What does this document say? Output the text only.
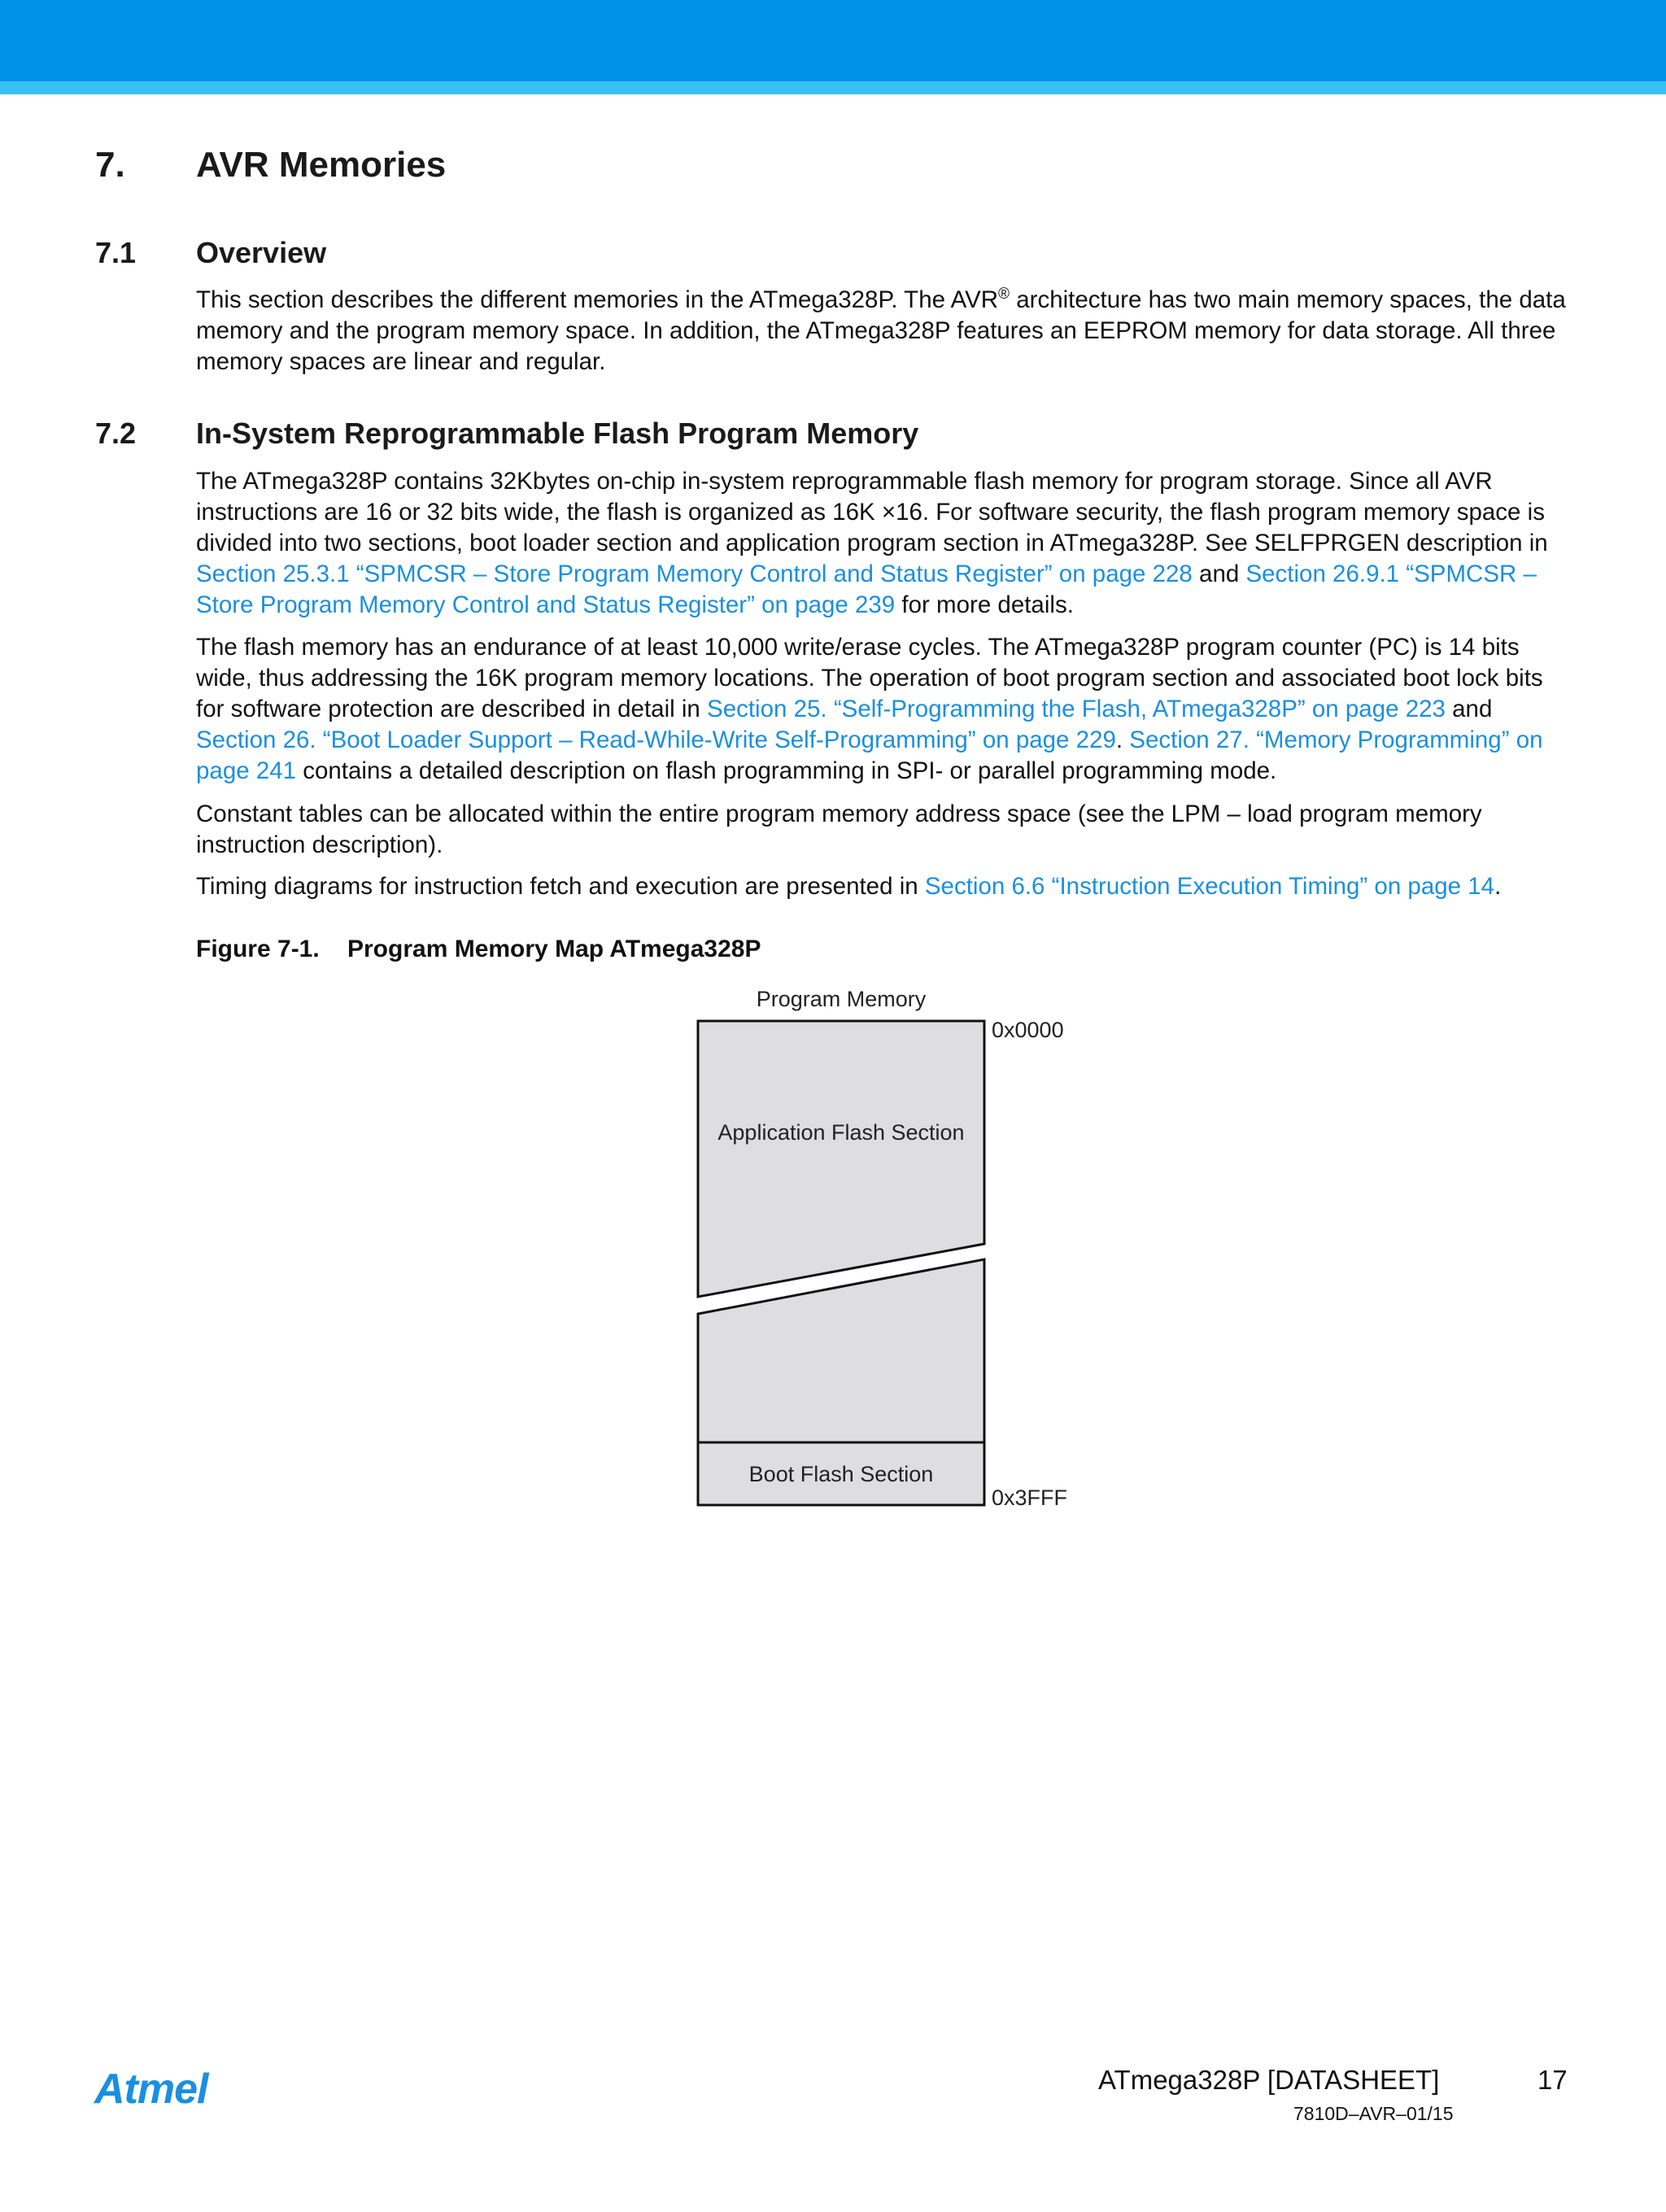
7. AVR Memories
7.1 Overview
This section describes the different memories in the ATmega328P. The AVR® architecture has two main memory spaces, the data memory and the program memory space. In addition, the ATmega328P features an EEPROM memory for data storage. All three memory spaces are linear and regular.
7.2 In-System Reprogrammable Flash Program Memory
The ATmega328P contains 32Kbytes on-chip in-system reprogrammable flash memory for program storage. Since all AVR instructions are 16 or 32 bits wide, the flash is organized as 16K ×16. For software security, the flash program memory space is divided into two sections, boot loader section and application program section in ATmega328P. See SELFPRGEN description in Section 25.3.1 “SPMCSR – Store Program Memory Control and Status Register” on page 228 and Section 26.9.1 “SPMCSR – Store Program Memory Control and Status Register” on page 239 for more details.
The flash memory has an endurance of at least 10,000 write/erase cycles. The ATmega328P program counter (PC) is 14 bits wide, thus addressing the 16K program memory locations. The operation of boot program section and associated boot lock bits for software protection are described in detail in Section 25. “Self-Programming the Flash, ATmega328P” on page 223 and Section 26. “Boot Loader Support – Read-While-Write Self-Programming” on page 229. Section 27. “Memory Programming” on page 241 contains a detailed description on flash programming in SPI- or parallel programming mode.
Constant tables can be allocated within the entire program memory address space (see the LPM – load program memory instruction description).
Timing diagrams for instruction fetch and execution are presented in Section 6.6 “Instruction Execution Timing” on page 14.
Figure 7-1. Program Memory Map ATmega328P
Program Memory
0x0000
Application Flash Section
Boot Flash Section
0x3FFF
Atmel	ATmega328P [DATASHEET]	17
7810D–AVR–01/15
